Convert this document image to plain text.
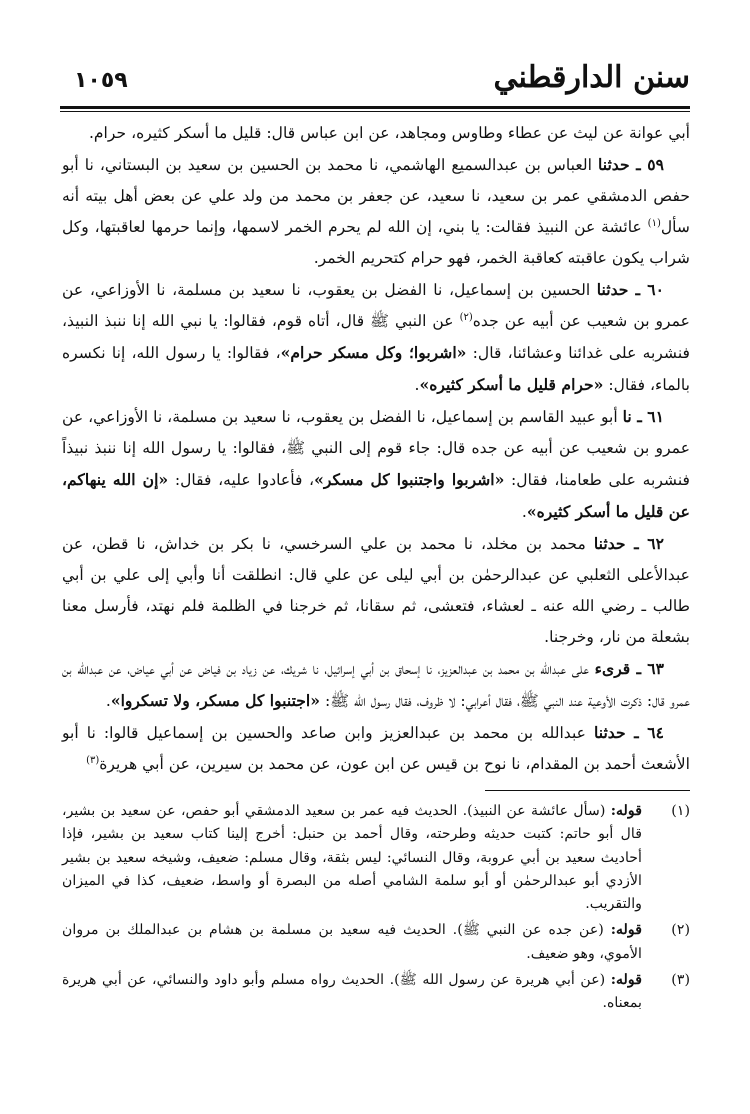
١٠٥٩	سنن الدارقطني

أبي عوانة عن ليث عن عطاء وطاوس ومجاهد، عن ابن عباس قال: قليل ما أسكر كثيره، حرام.

٥٩ ـ حدثنا العباس بن عبدالسميع الهاشمي، نا محمد بن الحسين بن سعيد بن البستاني، نا أبو حفص الدمشقي عمر بن سعيد، نا سعيد، عن جعفر بن محمد من ولد علي عن بعض أهل بيته أنه سأل$^{(١)}$ عائشة عن النبيذ فقالت: يا بني، إن الله لم يحرم الخمر لاسمها، وإنما حرمها لعاقبتها، وكل شراب يكون عاقبته كعاقبة الخمر، فهو حرام كتحريم الخمر.

٦٠ ـ حدثنا الحسين بن إسماعيل، نا الفضل بن يعقوب، نا سعيد بن مسلمة، نا الأوزاعي، عن عمرو بن شعيب عن أبيه عن جده$^{(٢)}$ عن النبي ﷺ قال، أتاه قوم، فقالوا: يا نبي الله إنا ننبذ النبيذ، فنشربه على غدائنا وعشائنا، قال: «اشربوا؛ وكل مسكر حرام»، فقالوا: يا رسول الله، إنا نكسره بالماء، فقال: «حرام قليل ما أسكر كثيره».

٦١ ـ نا أبو عبيد القاسم بن إسماعيل، نا الفضل بن يعقوب، نا سعيد بن مسلمة، نا الأوزاعي، عن عمرو بن شعيب عن أبيه عن جده قال: جاء قوم إلى النبي ﷺ، فقالوا: يا رسول الله إنا ننبذ نبيذاً فنشربه على طعامنا، فقال: «اشربوا واجتنبوا كل مسكر»، فأعادوا عليه، فقال: «إن الله ينهاكم، عن قليل ما أسكر كثيره».

٦٢ ـ حدثنا محمد بن مخلد، نا محمد بن علي السرخسي، نا بكر بن خداش، نا قطن، عن عبدالأعلى الثعلبي عن عبدالرحمٰن بن أبي ليلى عن علي قال: انطلقت أنا وأبي إلى علي بن أبي طالب ـ رضي الله عنه ـ لعشاء، فتعشى، ثم سقانا، ثم خرجنا في الظلمة فلم نهتد، فأرسل معنا بشعلة من نار، وخرجنا.

٦٣ ـ قرىء على عبدالله بن محمد بن عبدالعزيز، نا إسحاق بن أبي إسرائيل، نا شريك، عن زياد بن فياض عن أبي عياض، عن عبدالله بن عمرو قال: ذكرت الأوعية عند النبي ﷺ، فقال أعرابي: لا ظروف، فقال رسول الله ﷺ: «اجتنبوا كل مسكر، ولا تسكروا».

٦٤ ـ حدثنا عبدالله بن محمد بن عبدالعزيز وابن صاعد والحسين بن إسماعيل قالوا: نا أبو الأشعث أحمد بن المقدام، نا نوح بن قيس عن ابن عون، عن محمد بن سيرين، عن أبي هريرة$^{(٣)}$

(١)
قوله: (سأل عائشة عن النبيذ). الحديث فيه عمر بن سعيد الدمشقي أبو حفص، عن سعيد بن بشير، قال أبو حاتم: كتبت حديثه وطرحته، وقال أحمد بن حنبل: أخرج إلينا كتاب سعيد بن بشير، فإذا أحاديث سعيد بن أبي عروبة، وقال النسائي: ليس بثقة، وقال مسلم: ضعيف، وشيخه سعيد بن بشير الأزدي أبو عبدالرحمٰن أو أبو سلمة الشامي أصله من البصرة أو واسط، ضعيف، كذا في الميزان والتقريب.

(٢)
قوله: (عن جده عن النبي ﷺ). الحديث فيه سعيد بن مسلمة بن هشام بن عبدالملك بن مروان الأموي، وهو ضعيف.

(٣)
قوله: (عن أبي هريرة عن رسول الله ﷺ). الحديث رواه مسلم وأبو داود والنسائي، عن أبي هريرة بمعناه.
